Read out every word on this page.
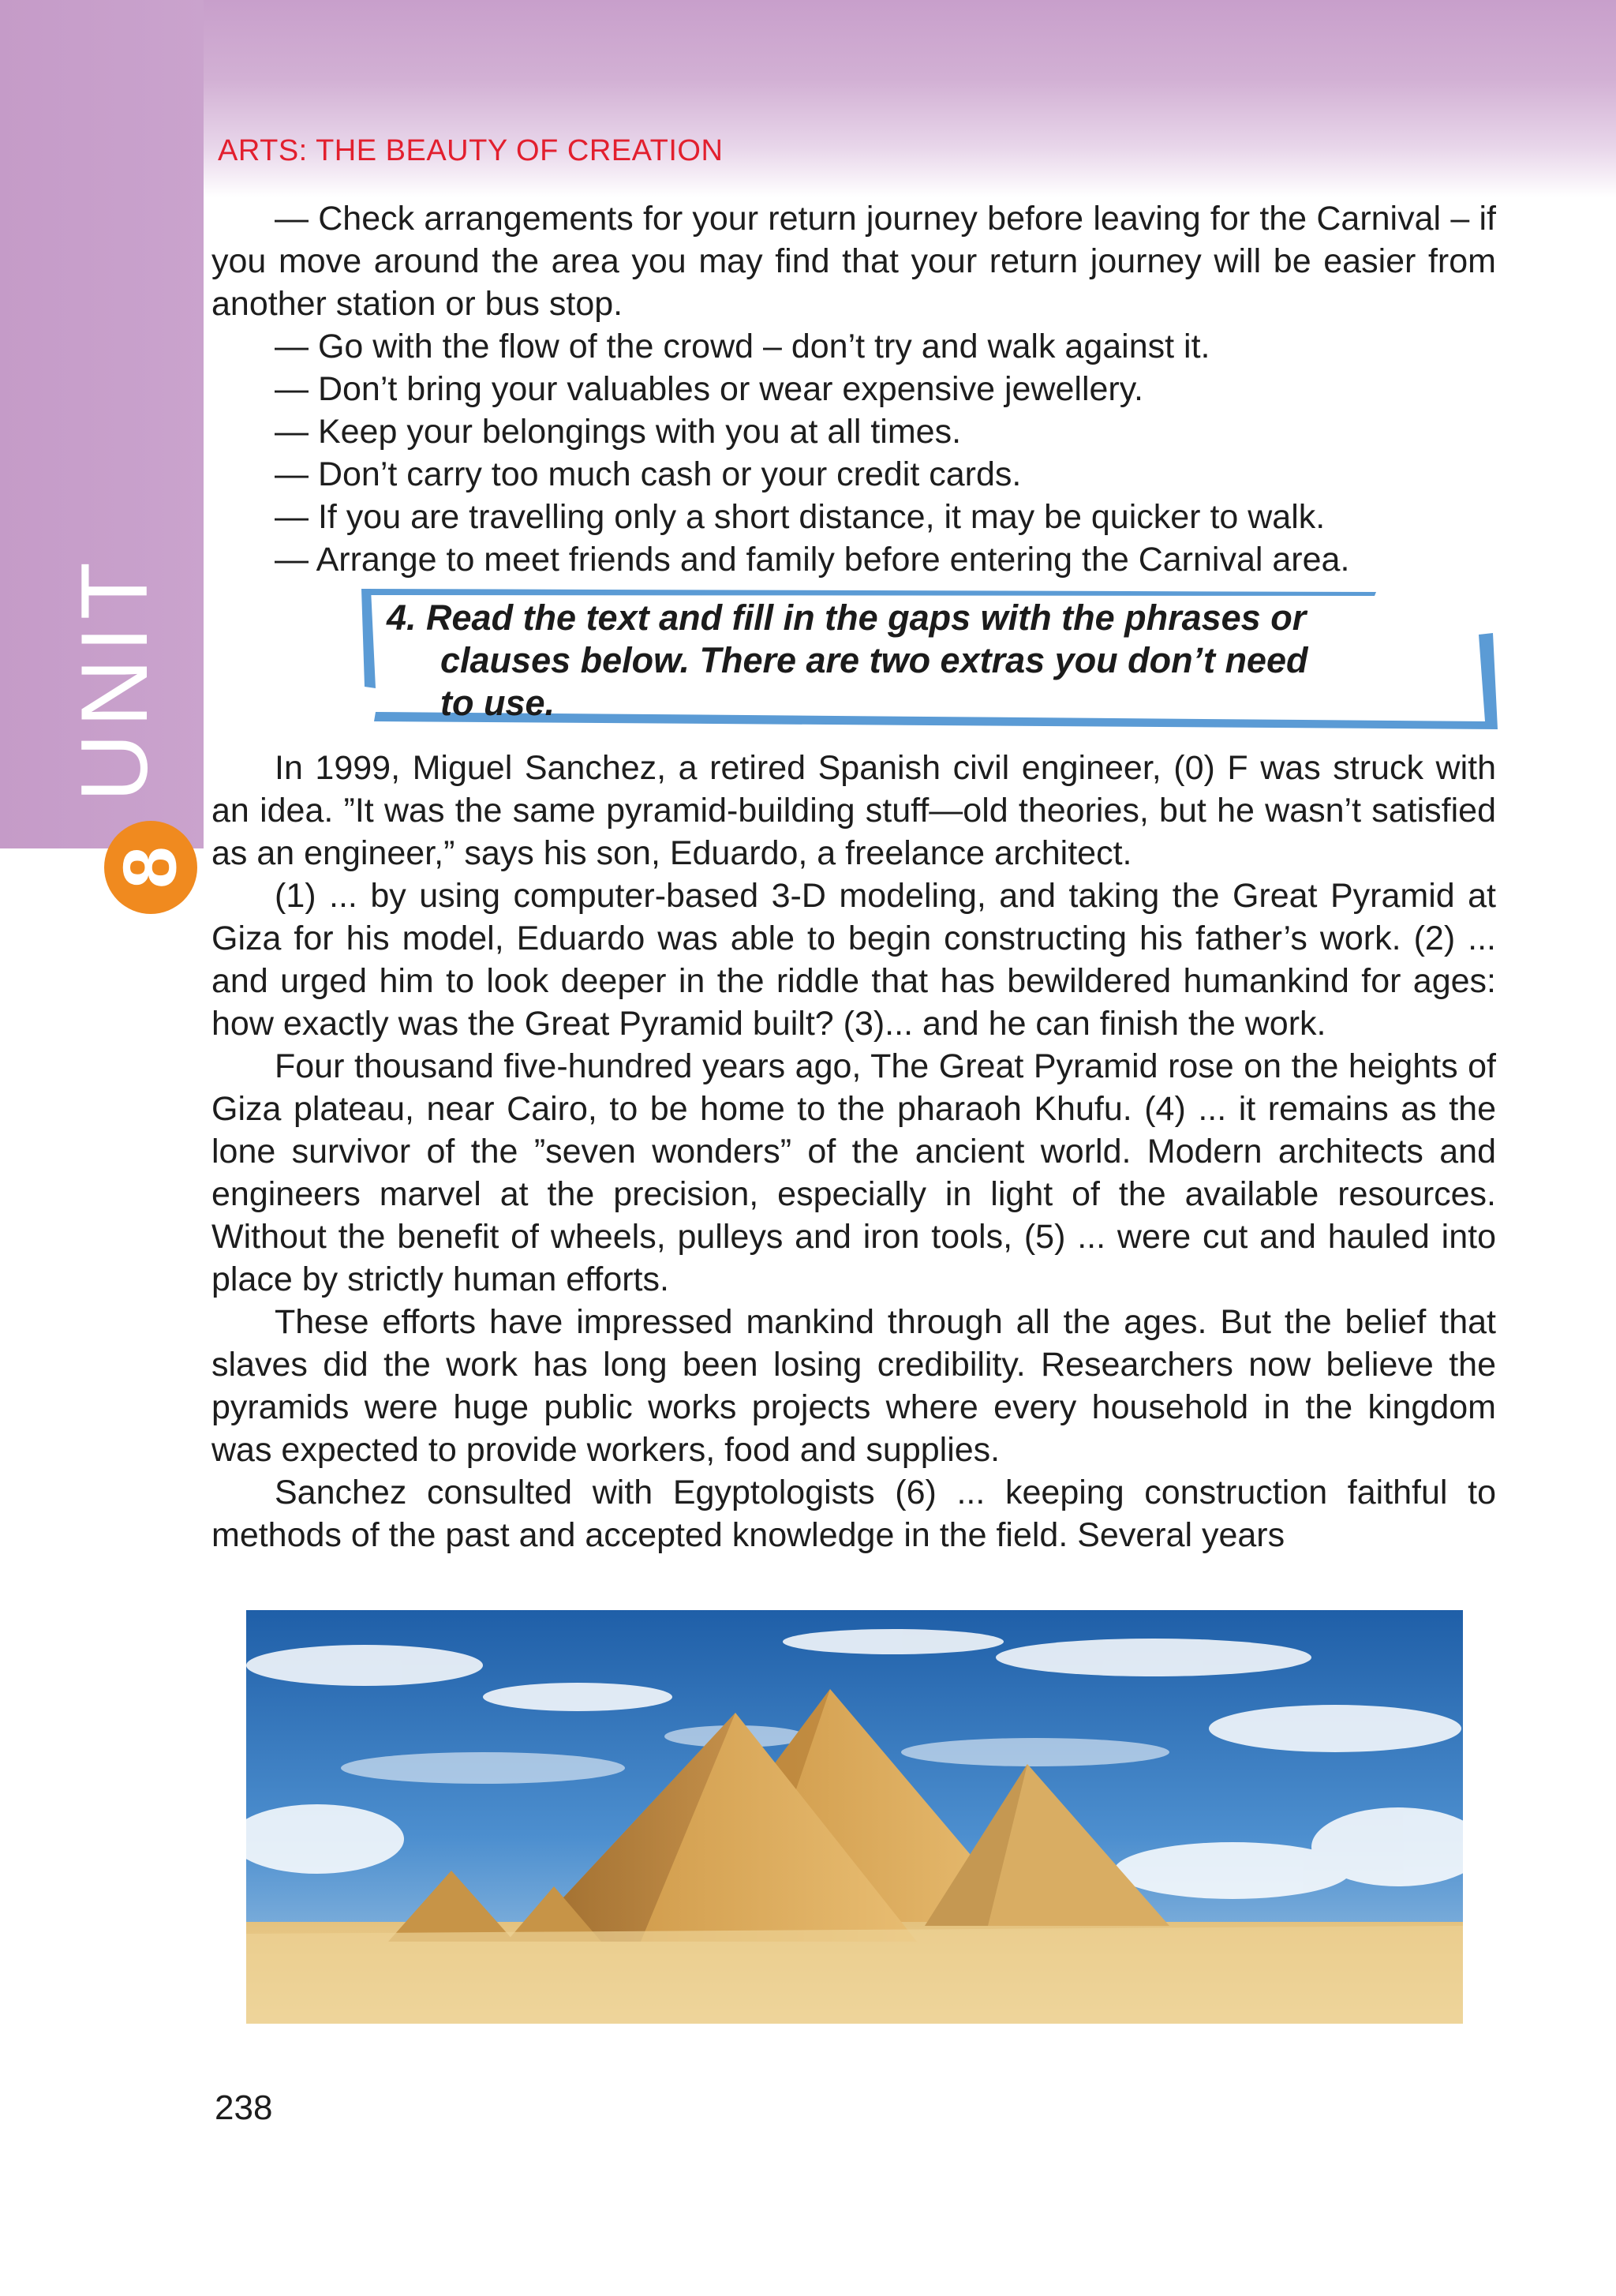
UNIT
8
ARTS: THE BEAUTY OF CREATION

— Check arrangements for your return journey before leaving for the Carnival – if you move around the area you may find that your return journey will be easier from another station or bus stop.

— Go with the flow of the crowd – don’t try and walk against it.

— Don’t bring your valuables or wear expensive jewellery.

— Keep your belongings with you at all times.

— Don’t carry too much cash or your credit cards.

— If you are travelling only a short distance, it may be quicker to walk.

— Arrange to meet friends and family before entering the Carnival area.

4. Read the text and fill in the gaps with the phrases or
clauses below. There are two extras you don’t need
to use.

In 1999, Miguel Sanchez, a retired Spanish civil engineer, (0) F was struck with an idea. ”It was the same pyramid-building stuff—old theories, but he wasn’t satisfied as an engineer,” says his son, Eduardo, a freelance architect.

(1) ... by using computer-based 3-D modeling, and taking the Great Pyramid at Giza for his model, Eduardo was able to begin constructing his father’s work. (2) ... and urged him to look deeper in the riddle that has bewildered humankind for ages: how exactly was the Great Pyramid built? (3)... and he can finish the work.

Four thousand five-hundred years ago, The Great Pyramid rose on the heights of Giza plateau, near Cairo, to be home to the pharaoh Khufu. (4) ... it remains as the lone survivor of the ”seven wonders” of the ancient world. Modern architects and engineers marvel at the precision, especially in light of the available resources. Without the benefit of wheels, pulleys and iron tools, (5) ... were cut and hauled into place by strictly human efforts.

These efforts have impressed mankind through all the ages. But the belief that slaves did the work has long been losing credibility. Researchers now believe the pyramids were huge public works projects where every household in the kingdom was expected to provide workers, food and supplies.

Sanchez consulted with Egyptologists (6) ... keeping construction faithful to methods of the past and accepted knowledge in the field. Several years

238
